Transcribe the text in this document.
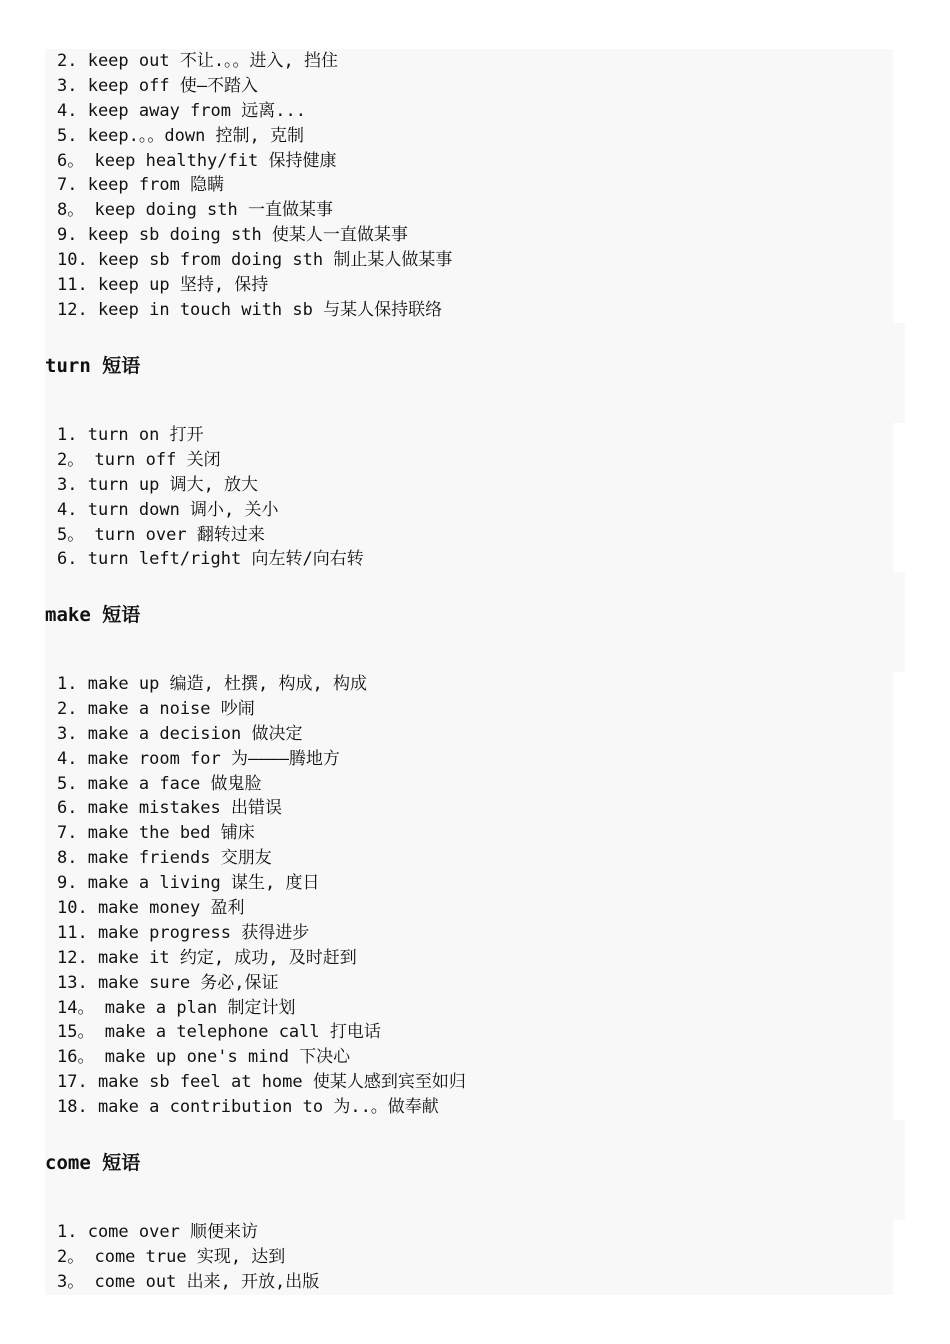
2. keep out 不让.。。进入, 挡住
3. keep off 使—不踏入
4. keep away from 远离...
5. keep.。。down 控制, 克制
6。 keep healthy/fit 保持健康
7. keep from 隐瞒
8。 keep doing sth 一直做某事
9. keep sb doing sth 使某人一直做某事
10. keep sb from doing sth 制止某人做某事
11. keep up 坚持, 保持
12. keep in touch with sb 与某人保持联络
turn 短语
1. turn on 打开
2。 turn off 关闭
3. turn up 调大, 放大
4. turn down 调小, 关小
5。 turn over 翻转过来
6. turn left/right 向左转/向右转
make 短语
1. make up 编造, 杜撰, 构成, 构成
2. make a noise 吵闹
3. make a decision 做决定
4. make room for 为————腾地方
5. make a face 做鬼脸
6. make mistakes 出错误
7. make the bed 铺床
8. make friends 交朋友
9. make a living 谋生, 度日
10. make money 盈利
11. make progress 获得进步
12. make it 约定, 成功, 及时赶到
13. make sure 务必,保证
14。 make a plan 制定计划
15。 make a telephone call 打电话
16。 make up one's mind 下决心
17. make sb feel at home 使某人感到宾至如归
18. make a contribution to 为..。做奉献
come 短语
1. come over 顺便来访
2。 come true 实现, 达到
3。 come out 出来, 开放,出版
